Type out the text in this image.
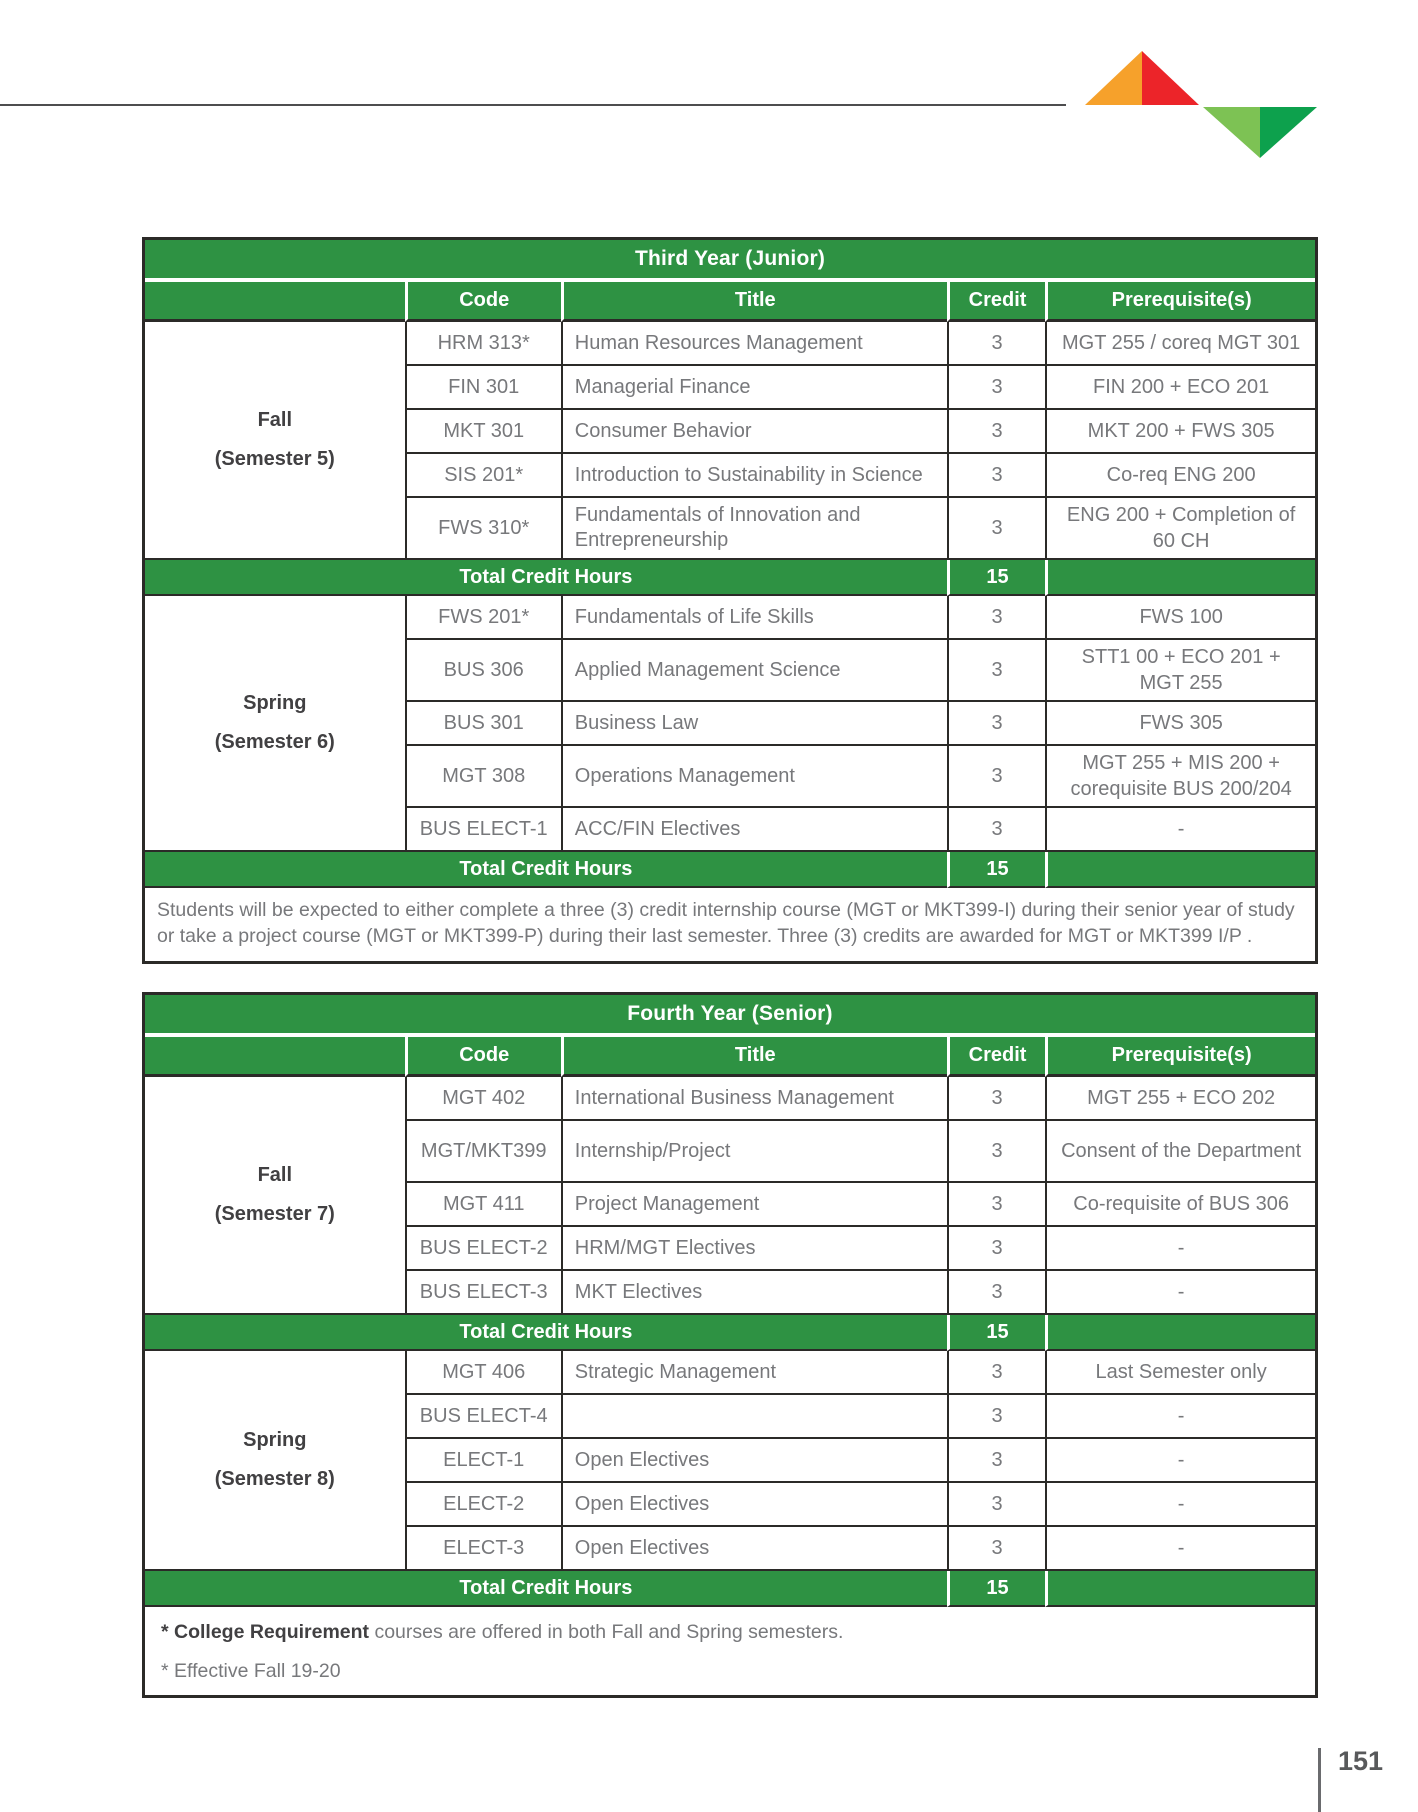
Third Year (Junior)				
	Code	Title	Credit	Prerequisite(s)

Fall
(Semester 5)	HRM 313*	Human Resources Management	3	MGT 255 / coreq MGT 301
	FIN 301	Managerial Finance	3	FIN 200 + ECO 201
	MKT 301	Consumer Behavior	3	MKT 200 + FWS 305
	SIS 201*	Introduction to Sustainability in Science	3	Co-req ENG 200
	FWS 310*	Fundamentals of Innovation and Entrepreneurship	3	ENG 200 + Completion of 60 CH
Total Credit Hours			15	

Spring
(Semester 6)	FWS 201*	Fundamentals of Life Skills	3	FWS 100
	BUS 306	Applied Management Science	3	STT1 00 + ECO 201 + MGT 255
	BUS 301	Business Law	3	FWS 305
	MGT 308	Operations Management	3	MGT 255 + MIS 200 + corequisite BUS 200/204
	BUS ELECT-1	ACC/FIN Electives	3	-
Total Credit Hours			15	
Students will be expected to either complete a three (3) credit internship course (MGT or MKT399-I) during their senior year of study or take a project course (MGT or MKT399-P) during their last semester. Three (3) credits are awarded for MGT or MKT399 I/P .				
Fourth Year (Senior)				
	Code	Title	Credit	Prerequisite(s)

Fall
(Semester 7)	MGT 402	International Business Management	3	MGT 255 + ECO 202
	MGT/MKT399	Internship/Project	3	Consent of the Department
	MGT 411	Project Management	3	Co-requisite of BUS 306
	BUS ELECT-2	HRM/MGT Electives	3	-
	BUS ELECT-3	MKT Electives	3	-
Total Credit Hours			15	

Spring
(Semester 8)	MGT 406	Strategic Management	3	Last Semester only
	BUS ELECT-4		3	-
	ELECT-1	Open Electives	3	-
	ELECT-2	Open Electives	3	-
	ELECT-3	Open Electives	3	-
Total Credit Hours			15	

* College Requirement courses are offered in both Fall and Spring semesters.
* Effective Fall 19-20				
151
